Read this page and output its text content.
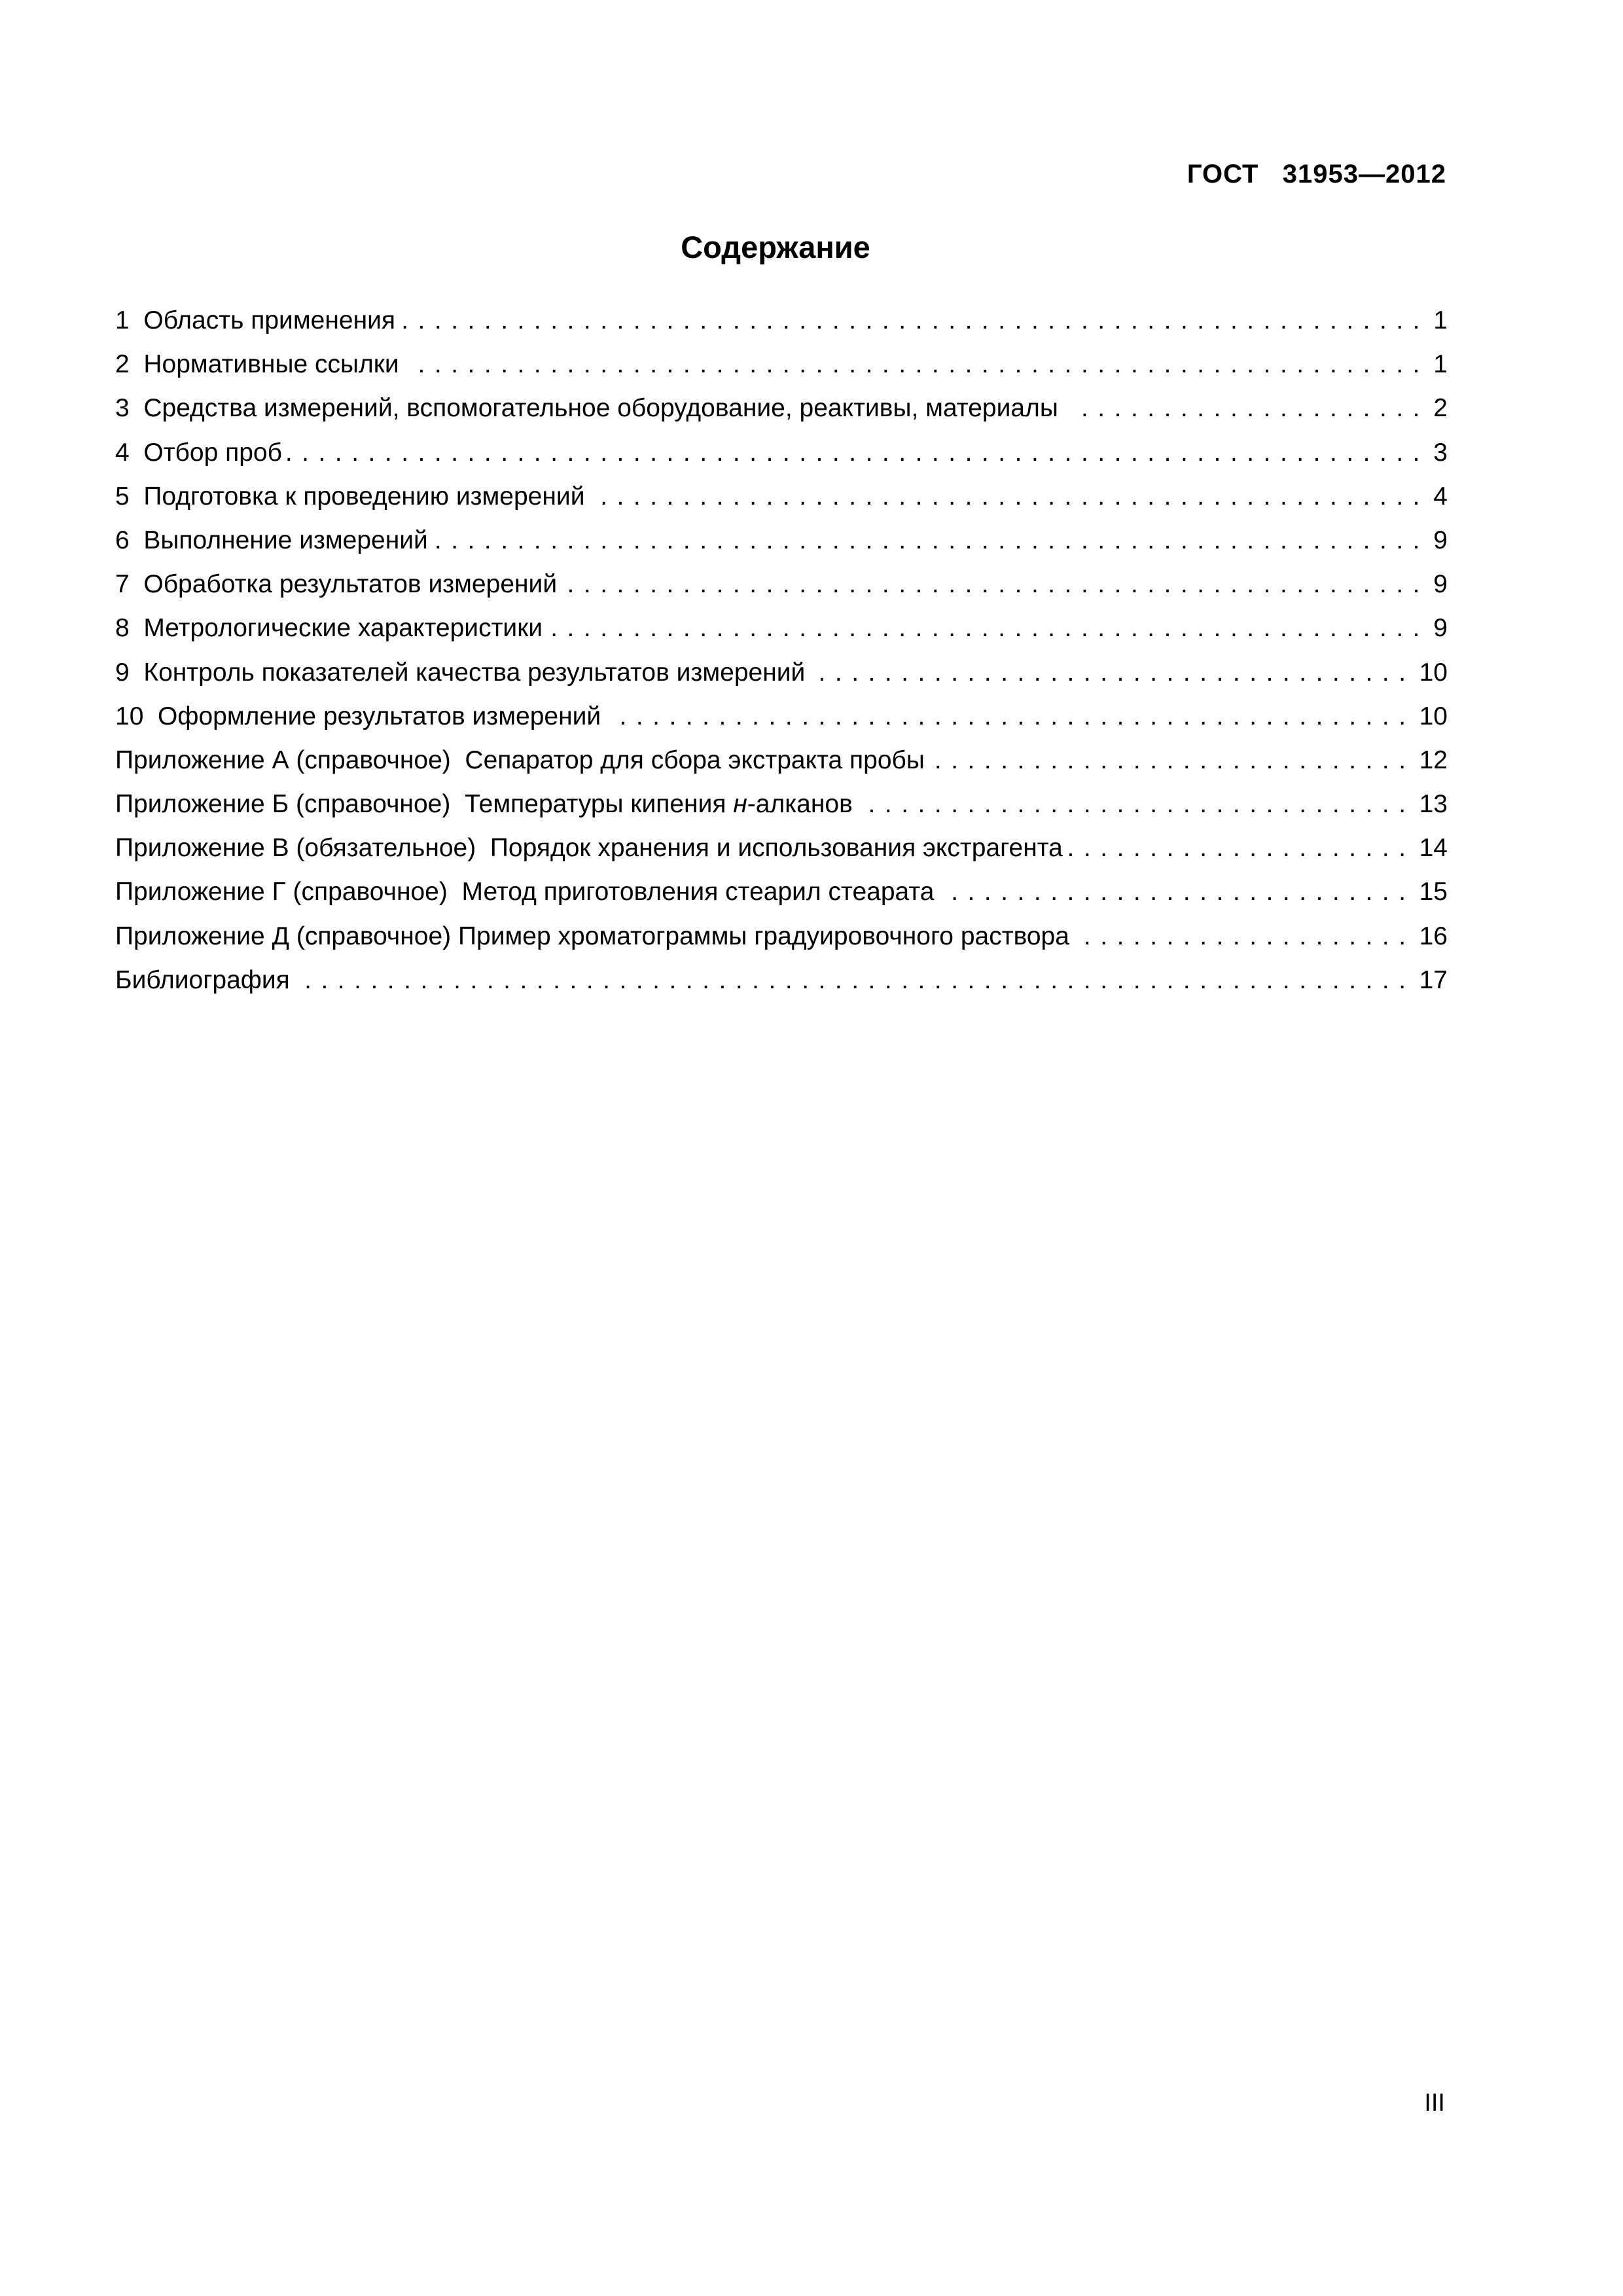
ГОСТ   31953—2012
Содержание
1  Область применения .....	1
2  Нормативные ссылки .....	1
3  Средства измерений, вспомогательное оборудование, реактивы, материалы .....	2
4  Отбор проб .....	3
5  Подготовка к проведению измерений .....	4
6  Выполнение измерений .....	9
7  Обработка результатов измерений .....	9
8  Метрологические характеристики .....	9
9  Контроль показателей качества результатов измерений .....	10
10  Оформление результатов измерений .....	10
Приложение А (справочное)  Сепаратор для сбора экстракта пробы .....	12
Приложение Б (справочное)  Температуры кипения н-алканов .....	13
Приложение В (обязательное)  Порядок хранения и использования экстрагента .....	14
Приложение Г (справочное)  Метод приготовления стеарил стеарата .....	15
Приложение Д (справочное) Пример хроматограммы градуировочного раствора .....	16
Библиография .....	17
III
